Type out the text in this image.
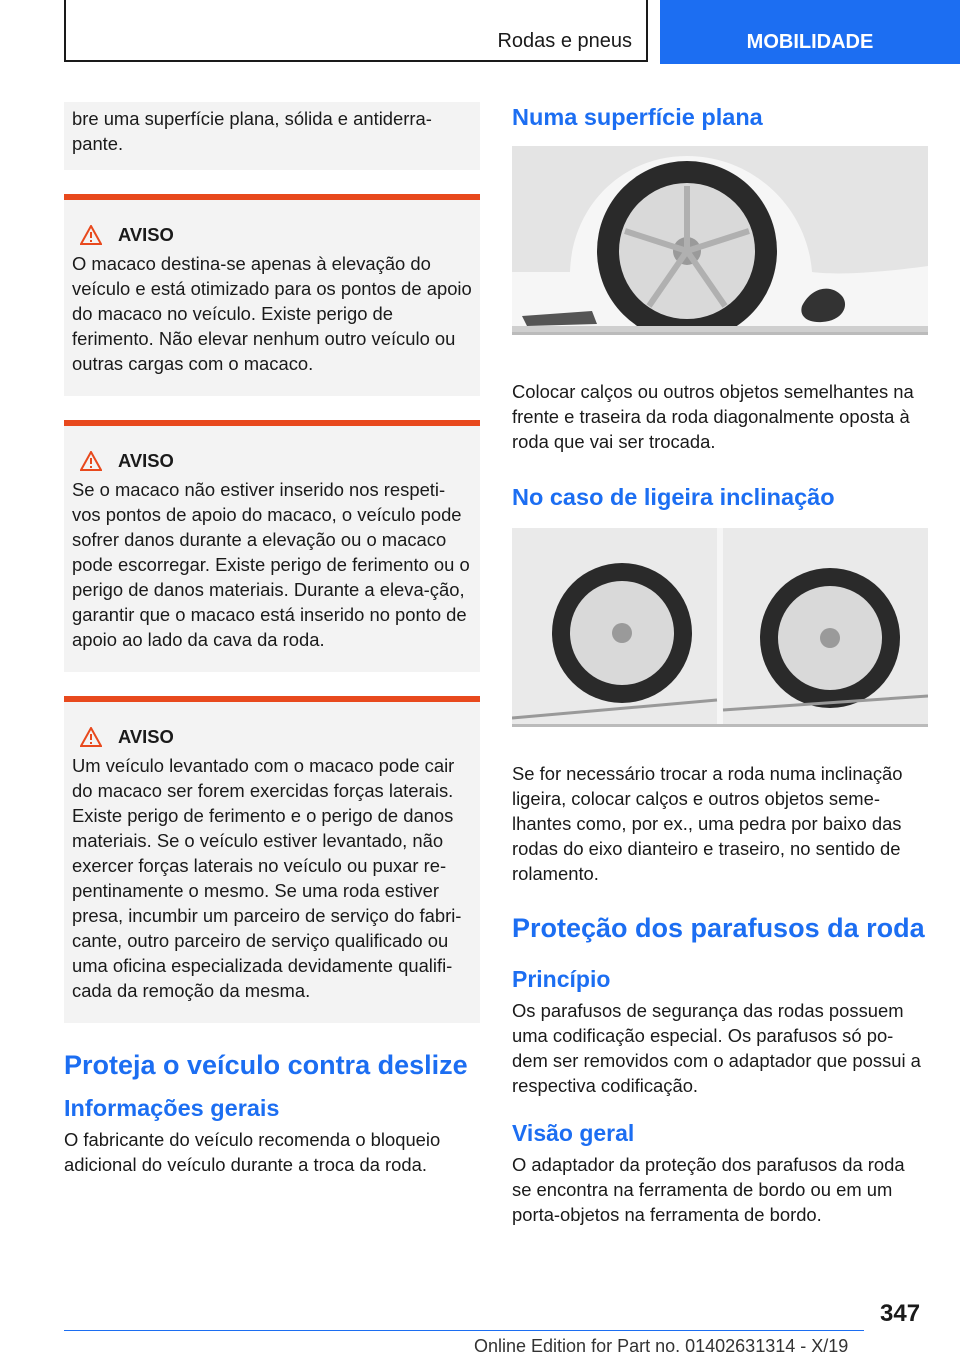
Rodas e pneus	MOBILIDADE
bre uma superfície plana, sólida e antiderra-pante.
AVISO
O macaco destina-se apenas à elevação do veículo e está otimizado para os pontos de apoio do macaco no veículo. Existe perigo de ferimento. Não elevar nenhum outro veículo ou outras cargas com o macaco.
AVISO
Se o macaco não estiver inserido nos respeti-vos pontos de apoio do macaco, o veículo pode sofrer danos durante a elevação ou o macaco pode escorregar. Existe perigo de ferimento ou o perigo de danos materiais. Durante a eleva-ção, garantir que o macaco está inserido no ponto de apoio ao lado da cava da roda.
AVISO
Um veículo levantado com o macaco pode cair do macaco ser forem exercidas forças laterais. Existe perigo de ferimento e o perigo de danos materiais. Se o veículo estiver levantado, não exercer forças laterais no veículo ou puxar re-pentinamente o mesmo. Se uma roda estiver presa, incumbir um parceiro de serviço do fabri-cante, outro parceiro de serviço qualificado ou uma oficina especializada devidamente qualifi-cada da remoção da mesma.
Proteja o veículo contra deslize
Informações gerais

O fabricante do veículo recomenda o bloqueio adicional do veículo durante a troca da roda.

Numa superfície plana

Colocar calços ou outros objetos semelhantes na frente e traseira da roda diagonalmente oposta à roda que vai ser trocada.

No caso de ligeira inclinação

Se for necessário trocar a roda numa inclinação ligeira, colocar calços e outros objetos seme-lhantes como, por ex., uma pedra por baixo das rodas do eixo dianteiro e traseiro, no sentido de rolamento.

Proteção dos parafusos da roda
Princípio

Os parafusos de segurança das rodas possuem uma codificação especial. Os parafusos só po-dem ser removidos com o adaptador que possui a respectiva codificação.

Visão geral

O adaptador da proteção dos parafusos da roda se encontra na ferramenta de bordo ou em um porta-objetos na ferramenta de bordo.

347
Online Edition for Part no. 01402631314 - X/19
